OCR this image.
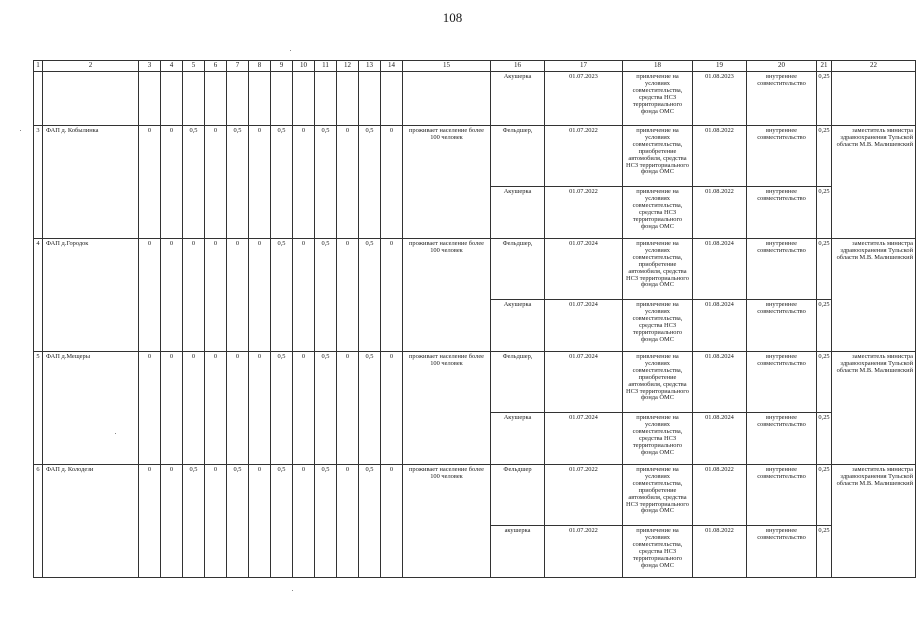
108
1	2	3	4	5	6	7	8	9	10	11	12	13	14	15	16	17	18	19	20	21	22
															Акушерка	01.07.2023	привлечение на условиях совместительства, средства НСЗ территориального фонда ОМС	01.08.2023	внутреннее совместительство	0,25	
3	ФАП д. Кобылинка	0	0	0,5	0	0,5	0	0,5	0	0,5	0	0,5	0	проживает население более 100 человек	Фельдшер,	01.07.2022	привлечение на условиях совместительства, приобретение автомобиля, средства НСЗ территориального фонда ОМС	01.08.2022	внутреннее совместительство	0,25	заместитель министра здравоохранения Тульской области М.В. Малишевский
															Акушерка	01.07.2022	привлечение на условиях совместительства, средства НСЗ территориального фонда ОМС	01.08.2022	внутреннее совместительство	0,25	
4	ФАП д.Городок	0	0	0	0	0	0	0,5	0	0,5	0	0,5	0	проживает население более 100 человек	Фельдшер,	01.07.2024	привлечение на условиях совместительства, приобретение автомобиля, средства НСЗ территориального фонда ОМС	01.08.2024	внутреннее совместительство	0,25	заместитель министра здравоохранения Тульской области М.В. Малишевский
															Акушерка	01.07.2024	привлечение на условиях совместительства, средства НСЗ территориального фонда ОМС	01.08.2024	внутреннее совместительство	0,25	
5	ФАП д.Мещеры	0	0	0	0	0	0	0,5	0	0,5	0	0,5	0	проживает население более 100 человек	Фельдшер,	01.07.2024	привлечение на условиях совместительства, приобретение автомобиля, средства НСЗ территориального фонда ОМС	01.08.2024	внутреннее совместительство	0,25	заместитель министра здравоохранения Тульской области М.В. Малишевский
															Акушерка	01.07.2024	привлечение на условиях совместительства, средства НСЗ территориального фонда ОМС	01.08.2024	внутреннее совместительство	0,25	
6	ФАП д. Колодези	0	0	0,5	0	0,5	0	0,5	0	0,5	0	0,5	0	проживает население более 100 человек	Фельдшер	01.07.2022	привлечение на условиях совместительства, приобретение автомобиля, средства НСЗ территориального фонда ОМС	01.08.2022	внутреннее совместительство	0,25	заместитель министра здравоохранения Тульской области М.В. Малишевский
															акушерка	01.07.2022	привлечение на условиях совместительства, средства НСЗ территориального фонда ОМС	01.08.2022	внутреннее совместительство	0,25	
